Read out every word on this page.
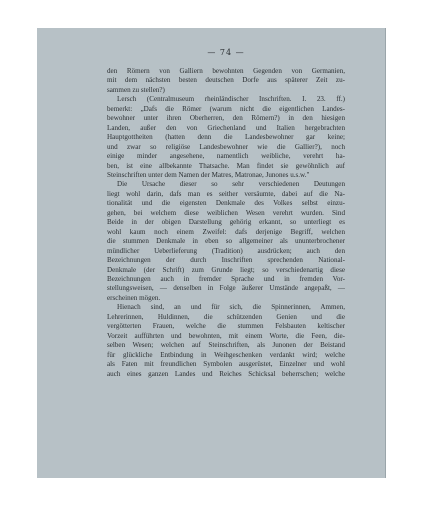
— 74 —
den Römern von Galliern bewohnten Gegenden von Germanien,
mit dem nächsten besten deutschen Dorfe aus späterer Zeit zu-
sammen zu stellen?)
Lersch (Centralmuseum rheinländischer Inschriften. I. 23. ff.)
bemerkt: „Dafs die Römer (warum nicht die eigentlichen Landes-
bewohner unter ihren Oberherren, den Römern?) in den hiesigen
Landen, außer den von Griechenland und Italien hergebrachten
Hauptgottheiten (hatten denn die Landesbewohner gar keine;
und zwar so religiöse Landesbewohner wie die Gallier?), noch
einige minder angesehene, namentlich weibliche, verehrt ha-
ben, ist eine allbekannte Thatsache. Man findet sie gewöhnlich auf
Steinschriften unter dem Namen der Matres, Matronae, Junones u.s.w."
Die Ursache dieser so sehr verschiedenen Deutungen
liegt wohl darin, dafs man es seither versäumte, dabei auf die Na-
tionalität und die eigensten Denkmale des Volkes selbst einzu-
gehen, bei welchem diese weiblichen Wesen verehrt wurden. Sind
Beide in der obigen Darstellung gehörig erkannt, so unterliegt es
wohl kaum noch einem Zweifel: dafs derjenige Begriff, welchen
die stummen Denkmale in eben so allgemeiner als ununterbrochener
mündlicher Ueberlieferung (Tradition) ausdrücken; auch den
Bezeichnungen der durch Inschriften sprechenden National-
Denkmale (der Schrift) zum Grunde liegt; so verschiedenartig diese
Bezeichnungen auch in fremder Sprache und in fremden Vor-
stellungsweisen, — denselben in Folge äußerer Umstände angepaßt, —
erscheinen mögen.
Hienach sind, an und für sich, die Spinnerinnen, Ammen,
Lehrerinnen, Huldinnen, die schützenden Genien und die
vergötterten Frauen, welche die stummen Felsbauten keltischer
Vorzeit aufführten und bewohnten, mit einem Worte, die Feen, die-
selben Wesen; welchen auf Steinschriften, als Junonen der Beistand
für glückliche Entbindung in Weihgeschenken verdankt wird; welche
als Faten mit freundlichen Symbolen ausgerüstet, Einzelner und wohl
auch eines ganzen Landes und Reiches Schicksal beherrschen; welche
